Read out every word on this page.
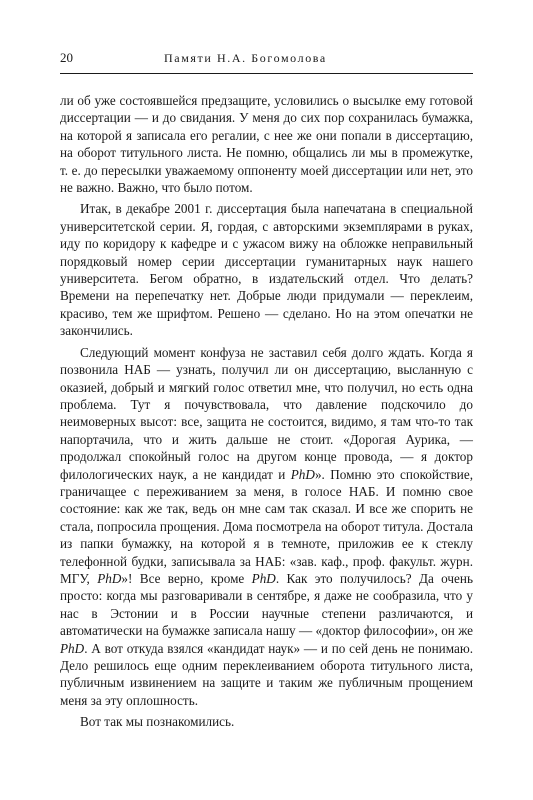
20	Памяти Н.А. Богомолова

ли об уже состоявшейся предзащите, условились о высылке ему готовой диссертации — и до свидания. У меня до сих пор сохранилась бумажка, на которой я записала его регалии, с нее же они попали в диссертацию, на оборот титульного листа. Не помню, общались ли мы в промежутке, т. е. до пересылки уважаемому оппоненту моей диссертации или нет, это не важно. Важно, что было потом.

Итак, в декабре 2001 г. диссертация была напечатана в специальной университетской серии. Я, гордая, с авторскими экземплярами в руках, иду по коридору к кафедре и с ужасом вижу на обложке неправильный порядковый номер серии диссертации гуманитарных наук нашего университета. Бегом обратно, в издательский отдел. Что делать? Времени на перепечатку нет. Добрые люди придумали — переклеим, красиво, тем же шрифтом. Решено — сделано. Но на этом опечатки не закончились.

Следующий момент конфуза не заставил себя долго ждать. Когда я позвонила НАБ — узнать, получил ли он диссертацию, высланную с оказией, добрый и мягкий голос ответил мне, что получил, но есть одна проблема. Тут я почувствовала, что давление подскочило до неимоверных высот: все, защита не состоится, видимо, я там что-то так напортачила, что и жить дальше не стоит. «Дорогая Аурика, — продолжал спокойный голос на другом конце провода, — я доктор филологических наук, а не кандидат и PhD». Помню это спокойствие, граничащее с переживанием за меня, в голосе НАБ. И помню свое состояние: как же так, ведь он мне сам так сказал. И все же спорить не стала, попросила прощения. Дома посмотрела на оборот титула. Достала из папки бумажку, на которой я в темноте, приложив ее к стеклу телефонной будки, записывала за НАБ: «зав. каф., проф. факульт. журн. МГУ, PhD»! Все верно, кроме PhD. Как это получилось? Да очень просто: когда мы разговаривали в сентябре, я даже не сообразила, что у нас в Эстонии и в России научные степени различаются, и автоматически на бумажке записала нашу — «доктор философии», он же PhD. А вот откуда взялся «кандидат наук» — и по сей день не понимаю. Дело решилось еще одним переклеиванием оборота титульного листа, публичным извинением на защите и таким же публичным прощением меня за эту оплошность.

Вот так мы познакомились.
